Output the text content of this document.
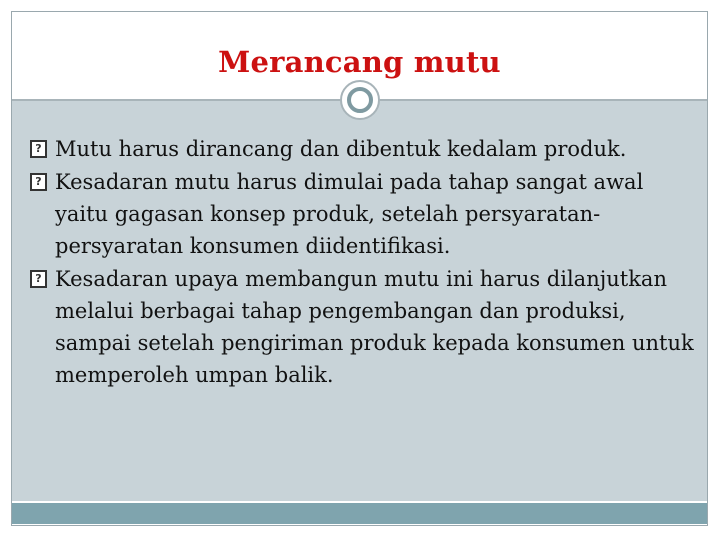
Merancang mutu
?
Mutu harus dirancang dan dibentuk kedalam produk.
?
Kesadaran mutu harus dimulai pada tahap sangat awal yaitu gagasan konsep produk, setelah persyaratan-persyaratan konsumen diidentifikasi.
?
Kesadaran upaya membangun mutu ini harus dilanjutkan melalui berbagai tahap pengembangan dan produksi, sampai setelah pengiriman produk kepada konsumen untuk memperoleh umpan balik.
